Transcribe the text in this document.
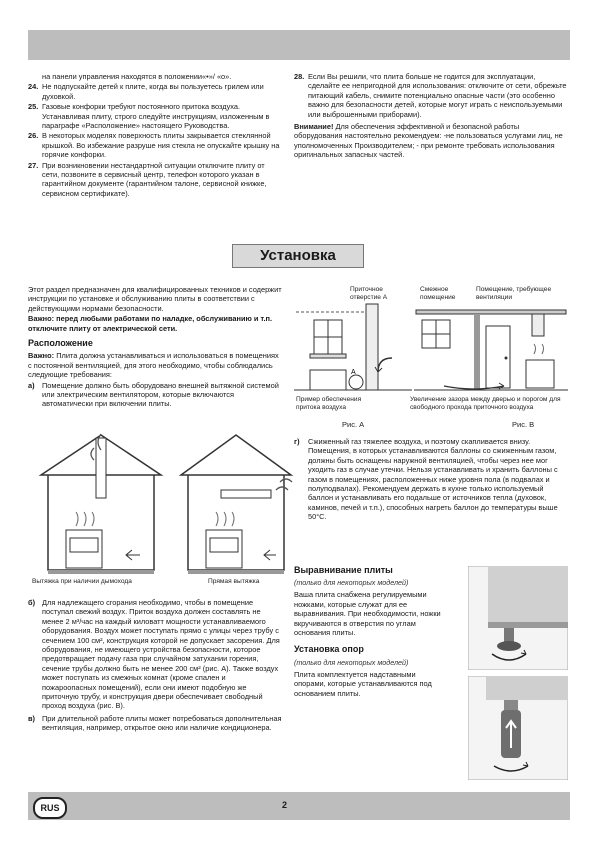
на панели управления находятся в положении«•»/ «о».
24. Не подпускайте детей к плите, когда вы пользуетесь грилем или духовкой.
25. Газовые конфорки требуют постоянного притока воздуха. Устанавливая плиту, строго следуйте инструкциям, изложенным в параграфе «Расположение» настоящего Руководства.
26. В некоторых моделях поверхность плиты закрывается стеклянной крышкой. Во избежание разруше ния стекла не опускайте крышку на горячие конфорки.
27. При возникновении нестандартной ситуации отключите плиту от сети, позвоните в сервисный центр, телефон которого указан в гарантийном документе (гарантийном талоне, сервисной книжке, сервисном сертификате).
28. Если Вы решили, что плита больше не годится для эксплуатации, сделайте ее непригодной для использования: отключите от сети, обрежьте питающий кабель, снимите потенциально опасные части (это особенно важно для безопасности детей, которые могут играть с неиспользуемыми или выброшенными приборами).
Внимание! Для обеспечения эффективной и безопасной работы оборудования настоятельно рекомендуем: -не пользоваться услугами лиц, не уполномоченных Производителем; - при ремонте требовать использования оригинальных запасных частей.
Установка
Этот раздел предназначен для квалифицированных техников и содержит инструкции по установке и обслуживанию плиты в соответствии с действующими нормами безопасности.
Важно: перед любыми работами по наладке, обслуживанию и т.п. отключите плиту от электрической сети.
Расположение
Важно: Плита должна устанавливаться и использоваться в помещениях с постоянной вентиляцией, для этого необходимо, чтобы соблюдались следующие требования:
а)	Помещение должно быть оборудовано внешней вытяжной системой или электрическим вентилятором, которые включаются автоматически при включении плиты.
Вытяжка при наличии дымохода	Прямая вытяжка
б) Для надлежащего сгорания необходимо, чтобы в помещение поступал свежий воздух. Приток воздуха должен составлять не менее 2 м³/час на каждый киловатт мощности устанавливаемого оборудования. Воздух может поступать прямо с улицы через трубу с сечением 100 см², конструкция которой не допускает засорения. Для оборудования, не имеющего устройства безопасности, которое предотвращает подачу газа при случайном затухании горения, сечение трубы должно быть не менее 200 см² (рис. А). Также воздух может поступать из смежных комнат (кроме спален и пожароопасных помещений), если они имеют подобную же приточную трубу, и конструкция двери обеспечивает свободный проход воздуха (рис. В).
в) При длительной работе плиты может потребоваться дополнительная вентиляция, например, открытое окно или наличие кондиционера.
Приточное отверстие А
Смежное помещение
Помещение, требующее вентиляции
А
Пример обеспечения притока воздуха
Увеличение зазора между дверью и порогом для свободного прохода приточного воздуха
Рис. А	Рис. В
г)	Сжиженный газ тяжелее воздуха, и поэтому скапливается внизу. Помещения, в которых устанавливаются баллоны со сжиженным газом, должны быть оснащены наружной вентиляцией, чтобы через нее мог уходить газ в случае утечки. Нельзя устанавливать и хранить баллоны с газом в помещениях, расположенных ниже уровня пола (в подвалах и полуподвалах). Рекомендуем держать в кухне только используемый баллон и устанавливать его подальше от источников тепла (духовок, каминов, печей и т.п.), способных нагреть баллон до температуры выше 50°С.
Выравнивание плиты
(только для некоторых моделей)
Ваша плита снабжена регулируемыми ножками, которые служат для ее выравнивания. При необходимости, ножки вкручиваются в отверстия по углам основания плиты.
Установка опор
(только для некоторых моделей)
Плита комплектуется надставными опорами, которые устанавливаются под основанием плиты.
RUS	2
